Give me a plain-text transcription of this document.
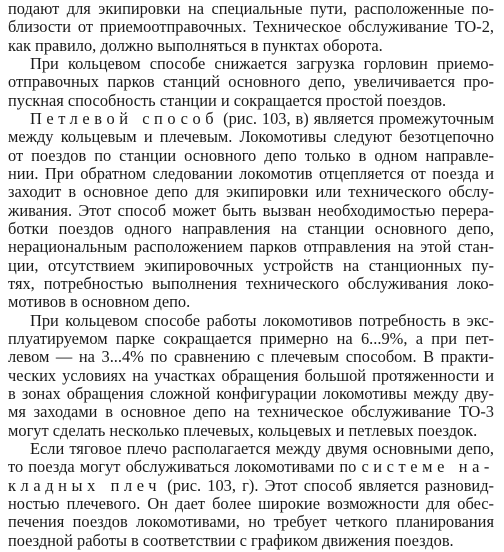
подают для экипировки на специальные пути, расположенные по-
близости от приемоотправочных. Техническое обслуживание ТО-2,
как правило, должно выполняться в пунктах оборота.
При кольцевом способе снижается загрузка горловин приемо-
отправочных парков станций основного депо, увеличивается про-
пускная способность станции и сокращается простой поездов.
Петлевой способ (рис. 103, в) является промежуточным
между кольцевым и плечевым. Локомотивы следуют безотцепочно
от поездов по станции основного депо только в одном направле-
нии. При обратном следовании локомотив отцепляется от поезда и
заходит в основное депо для экипировки или технического обслу-
живания. Этот способ может быть вызван необходимостью перера-
ботки поездов одного направления на станции основного депо,
нерациональным расположением парков отправления на этой стан-
ции, отсутствием экипировочных устройств на станционных пу-
тях, потребностью выполнения технического обслуживания локо-
мотивов в основном депо.
При кольцевом способе работы локомотивов потребность в экс-
плуатируемом парке сокращается примерно на 6...9%, а при пет-
левом — на 3...4% по сравнению с плечевым способом. В практи-
ческих условиях на участках обращения большой протяженности и
в зонах обращения сложной конфигурации локомотивы между дву-
мя заходами в основное депо на техническое обслуживание ТО-3
могут сделать несколько плечевых, кольцевых и петлевых поездок.
Если тяговое плечо располагается между двумя основными депо,
то поезда могут обслуживаться локомотивами по системе на-
кладных плеч (рис. 103, г). Этот способ является разновид-
ностью плечевого. Он дает более широкие возможности для обес-
печения поездов локомотивами, но требует четкого планирования
поездной работы в соответствии с графиком движения поездов.
